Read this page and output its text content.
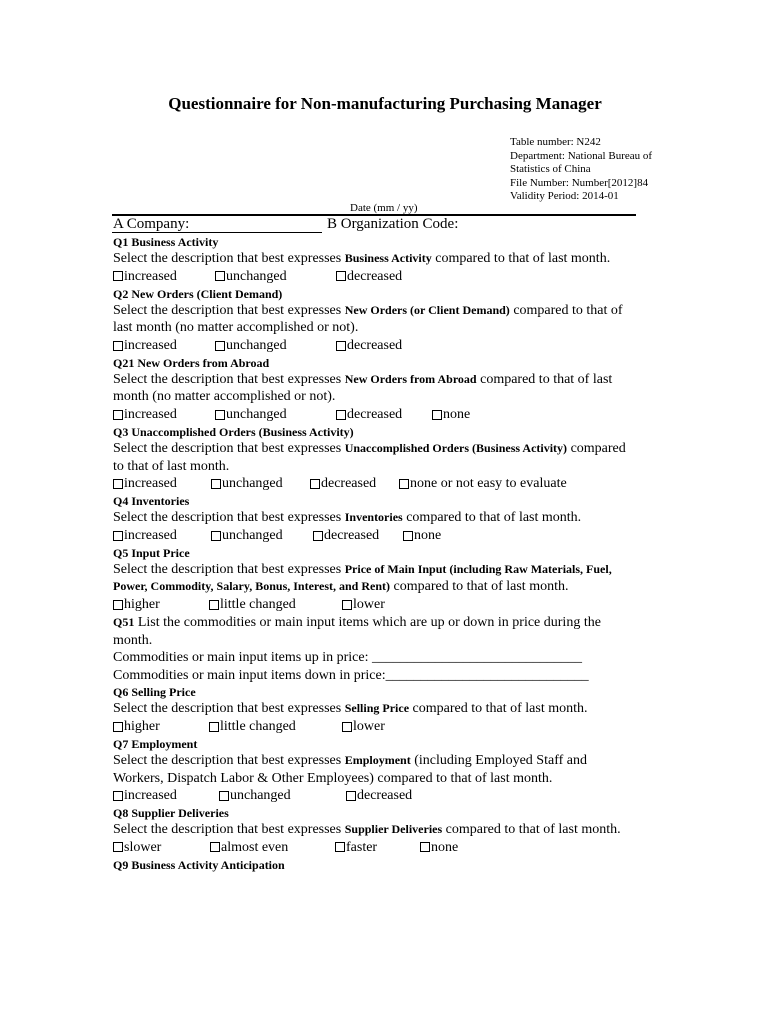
Questionnaire for Non-manufacturing Purchasing Manager
Table number: N242
Department: National Bureau of
Statistics of China
File Number: Number[2012]84
Validity Period: 2014-01
Date (mm / yy)
A Company:	B Organization Code:
Q1 Business Activity
Select the description that best expresses Business Activity compared to that of last month.
increased	unchanged	decreased
Q2 New Orders (Client Demand)
Select the description that best expresses New Orders (or Client Demand) compared to that of last month (no matter accomplished or not).
increased	unchanged	decreased
Q21 New Orders from Abroad
Select the description that best expresses New Orders from Abroad compared to that of last month (no matter accomplished or not).
increased	unchanged	decreased	none
Q3 Unaccomplished Orders (Business Activity)
Select the description that best expresses Unaccomplished Orders (Business Activity) compared to that of last month.
increased	unchanged	decreased none or not easy to evaluate
Q4 Inventories
Select the description that best expresses Inventories compared to that of last month.
increased	unchanged	decreased none
Q5 Input Price
Select the description that best expresses Price of Main Input (including Raw Materials, Fuel, Power, Commodity, Salary, Bonus, Interest, and Rent) compared to that of last month.
higher	little changed	lower
Q51 List the commodities or main input items which are up or down in price during the month.
Commodities or main input items up in price: ______________________________
Commodities or main input items down in price:_____________________________
Q6 Selling Price
Select the description that best expresses Selling Price compared to that of last month.
higher	little changed	lower
Q7 Employment
Select the description that best expresses Employment (including Employed Staff and Workers, Dispatch Labor & Other Employees) compared to that of last month.
increased	unchanged	decreased
Q8 Supplier Deliveries
Select the description that best expresses Supplier Deliveries compared to that of last month.
slower	almost even	faster	none
Q9 Business Activity Anticipation
